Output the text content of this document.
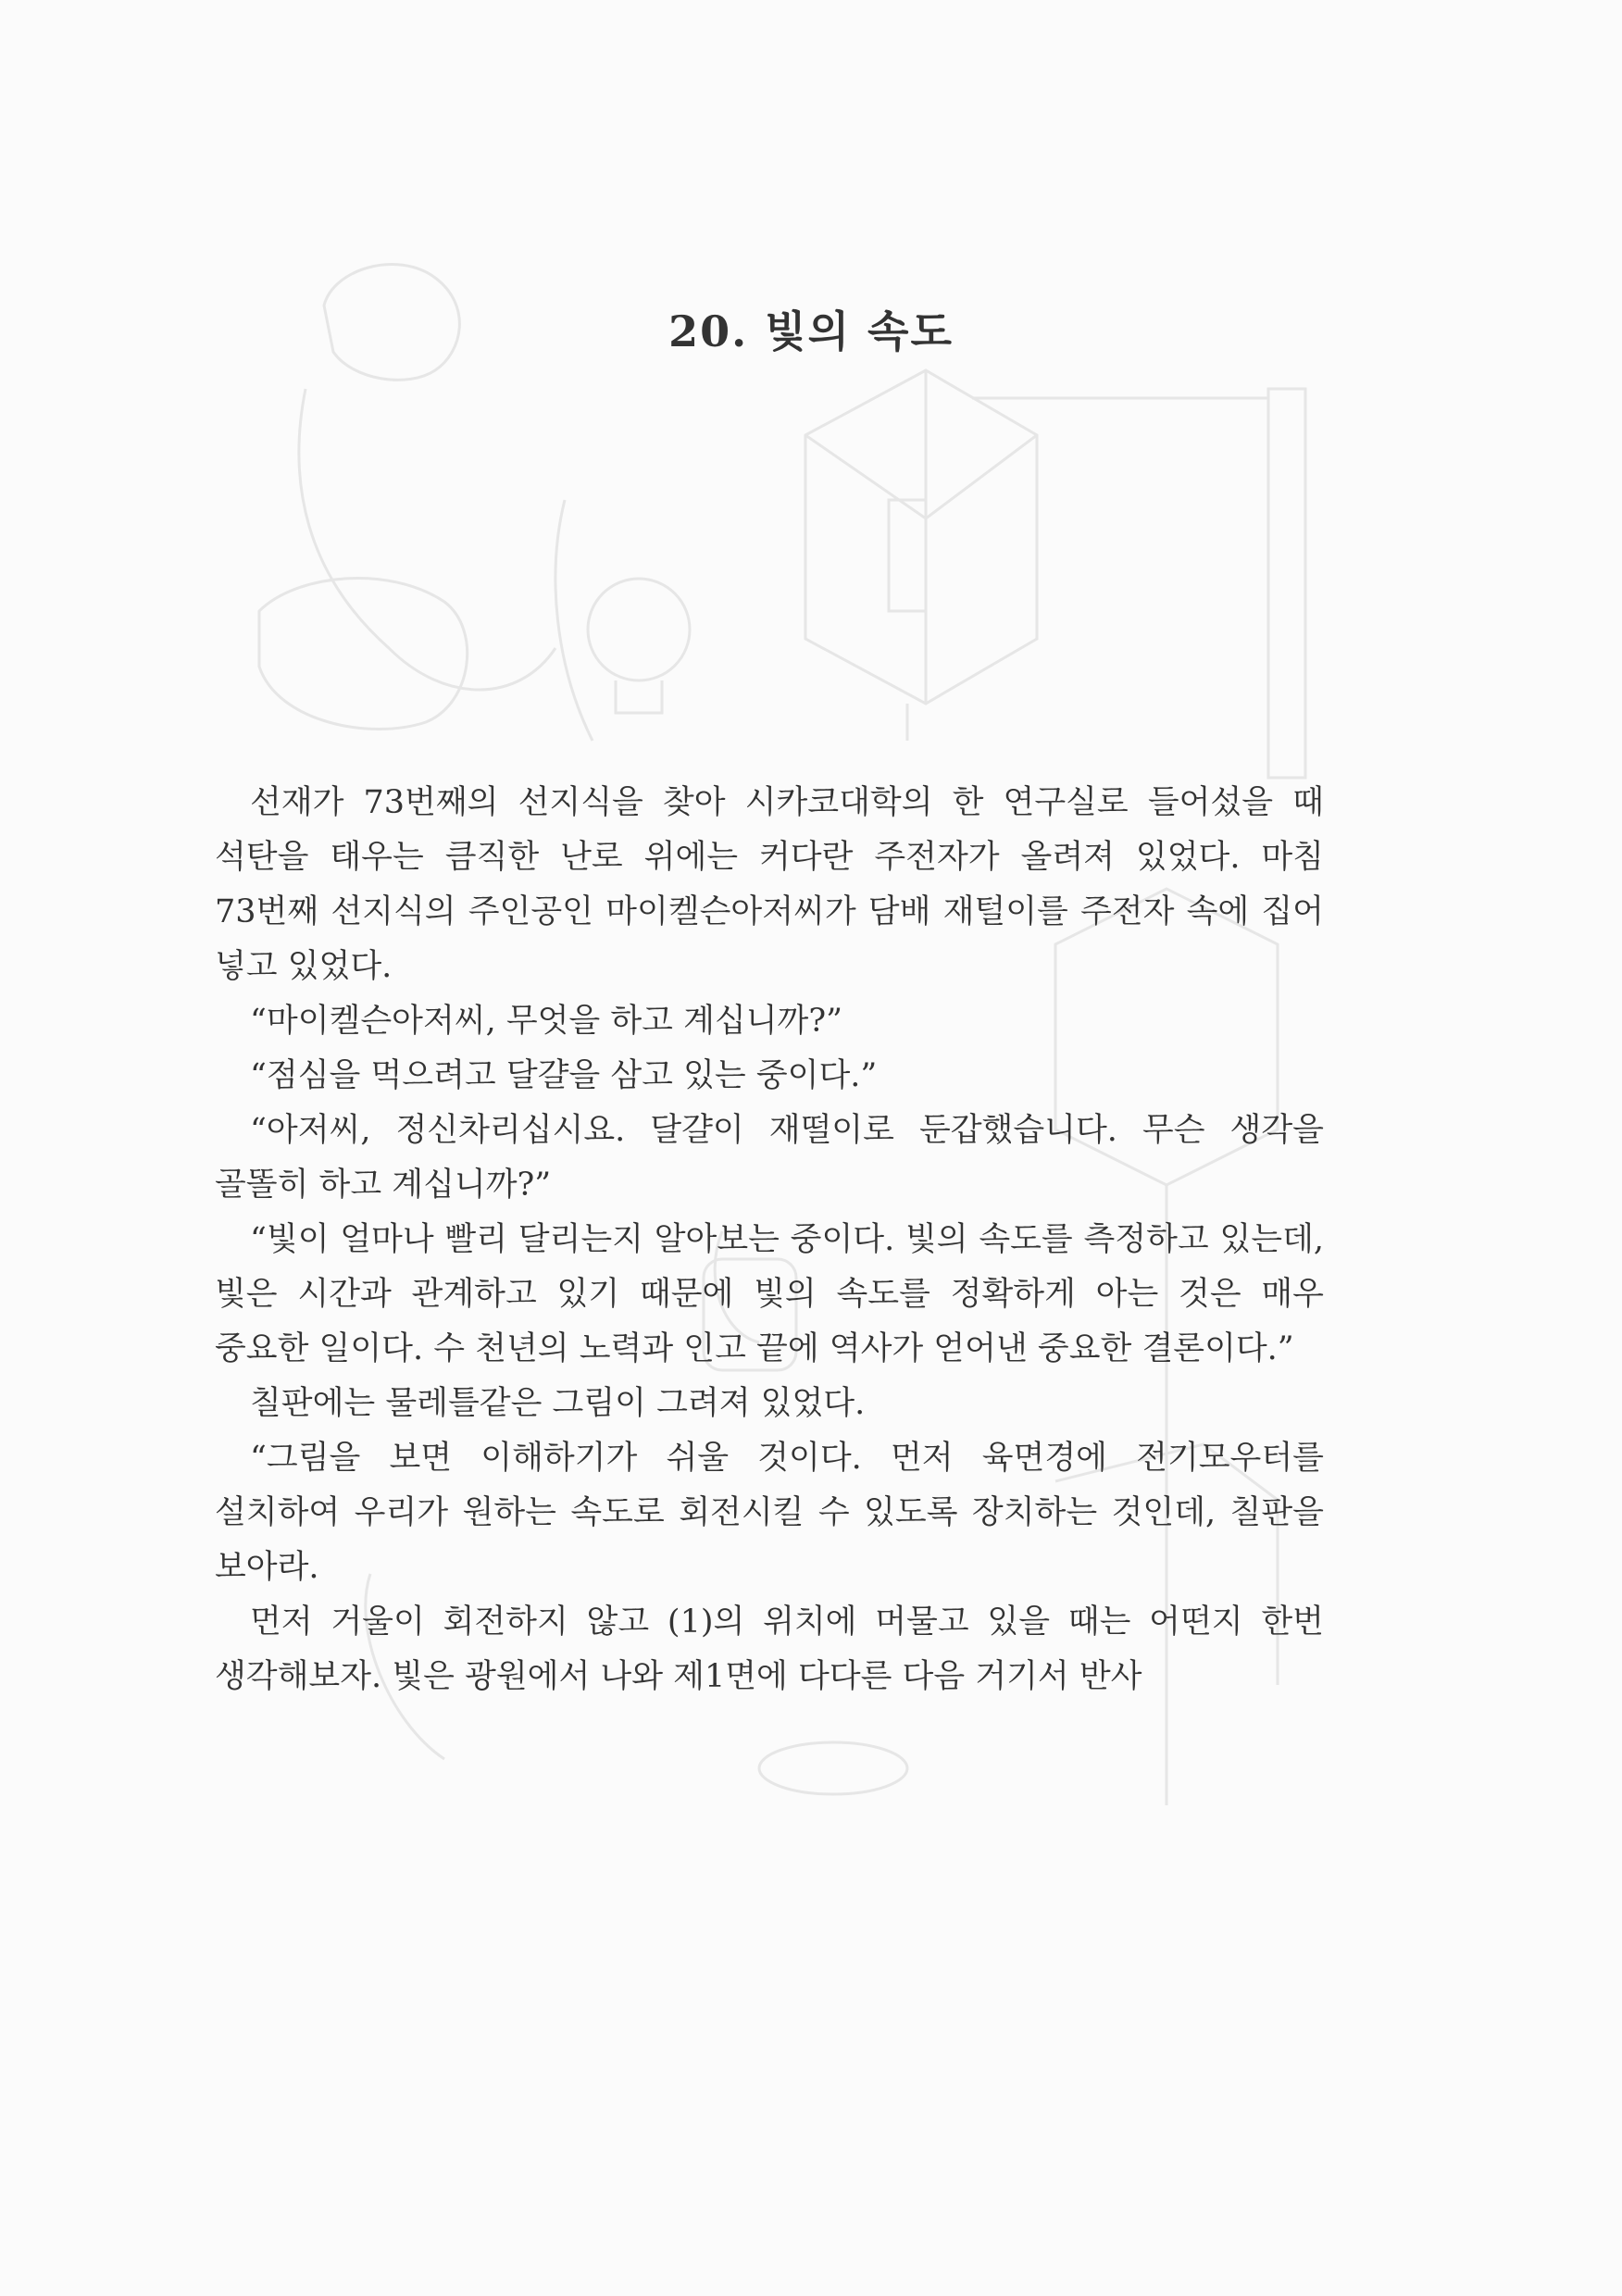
20. 빛의 속도

선재가 73번째의 선지식을 찾아 시카코대학의 한 연구실로 들어섰을 때 석탄을 태우는 큼직한 난로 위에는 커다란 주전자가 올려져 있었다. 마침 73번째 선지식의 주인공인 마이켈슨아저씨가 담배 재털이를 주전자 속에 집어 넣고 있었다.

“마이켈슨아저씨, 무엇을 하고 계십니까?”

“점심을 먹으려고 달걀을 삼고 있는 중이다.”

“아저씨, 정신차리십시요. 달걀이 재떨이로 둔갑했습니다. 무슨 생각을 골똘히 하고 계십니까?”

“빛이 얼마나 빨리 달리는지 알아보는 중이다. 빛의 속도를 측정하고 있는데, 빛은 시간과 관계하고 있기 때문에 빛의 속도를 정확하게 아는 것은 매우 중요한 일이다. 수 천년의 노력과 인고 끝에 역사가 얻어낸 중요한 결론이다.”

칠판에는 물레틀같은 그림이 그려져 있었다.

“그림을 보면 이해하기가 쉬울 것이다. 먼저 육면경에 전기모우터를 설치하여 우리가 원하는 속도로 회전시킬 수 있도록 장치하는 것인데, 칠판을 보아라.

먼저 거울이 회전하지 않고 (1)의 위치에 머물고 있을 때는 어떤지 한번 생각해보자. 빛은 광원에서 나와 제1면에 다다른 다음 거기서 반사
